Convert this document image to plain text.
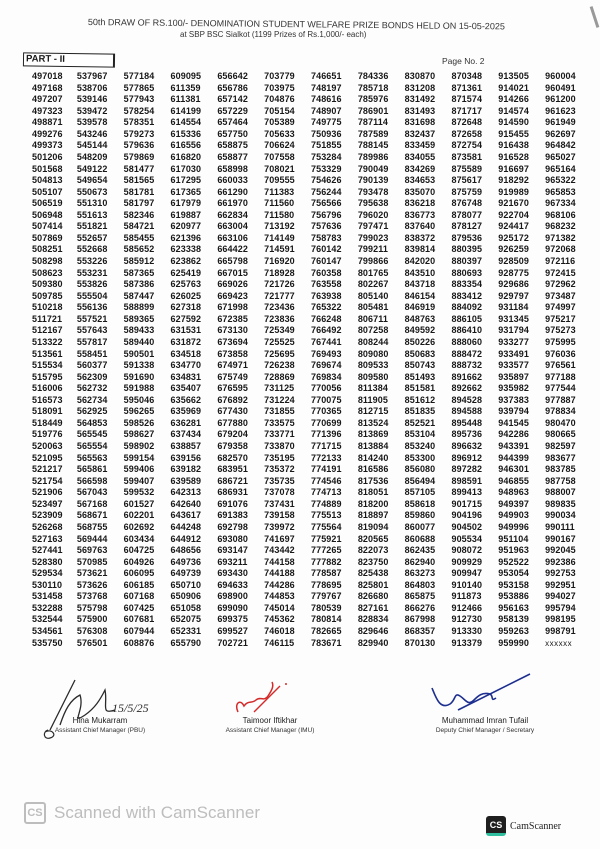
50th DRAW OF RS.100/- DENOMINATION STUDENT WELFARE PRIZE BONDS HELD ON 15-05-2025
at SBP BSC Sialkot (1199 Prizes of Rs.1,000/- each)
PART - II	Page No. 2
497018	537967	577184	609095	656642	703779	746651	784336	830870	870348	913505	960004
497168	538706	577865	611359	656786	703975	748197	785718	831208	871361	914021	960491
497207	539146	577943	611381	657142	704876	748616	785976	831492	871574	914266	961200
497323	539472	578254	614199	657229	705154	748907	786901	831493	871717	914574	961623
498871	539578	578351	614554	657464	705389	749775	787114	831698	872648	914590	961949
499276	543246	579273	615336	657750	705633	750936	787589	832437	872658	915455	962697
499373	545144	579636	616556	658875	706624	751855	788145	833459	872754	916438	964842
501206	548209	579869	616820	658877	707558	753284	789986	834055	873581	916528	965027
501568	549122	581477	617030	658998	708021	753329	790049	834269	875589	916697	965164
504813	549654	581565	617295	660033	709555	754626	790139	834653	875617	918292	965322
505107	550673	581781	617365	661290	711383	756244	793478	835070	875759	919989	965853
506519	551310	581797	617979	661970	711560	756566	795638	836218	876748	921670	967334
506948	551613	582346	619887	662834	711580	756796	796020	836773	878077	922704	968106
507414	551821	584721	620977	663004	713192	757636	797471	837640	878127	924417	968232
507869	552657	585455	621396	663106	714149	758783	799023	838372	879536	925172	971382
508251	552668	585652	623338	664422	714591	760142	799211	839814	880395	926259	972068
508298	553226	585912	623862	665798	716920	760147	799866	842020	880397	928509	972116
508623	553231	587365	625419	667015	718928	760358	801765	843510	880693	928775	972415
509380	553826	587386	625763	669026	721726	763558	802267	843718	883354	929686	972962
509785	555504	587447	626025	669423	721777	763938	805140	846154	883412	929797	973487
510218	556136	588899	627318	671998	723436	765322	805481	846919	884092	931184	974997
511721	557521	589365	627592	672385	723836	766248	806711	848763	886105	931345	975217
512167	557643	589433	631531	673130	725349	766492	807258	849592	886410	931794	975273
513322	557817	589440	631872	673694	725525	767441	808244	850226	888060	933277	975995
513561	558451	590501	634518	673858	725695	769493	809080	850683	888472	933491	976036
515534	560377	591338	634770	674971	726238	769674	809533	850743	888732	933577	976561
515795	562309	591690	634831	675749	728869	769834	809580	851493	891662	935897	977188
516006	562732	591988	635407	676595	731125	770056	811384	851581	892662	935982	977544
516573	562734	595046	635662	676892	731224	770075	811905	851612	894528	937383	977887
518091	562925	596265	635969	677430	731855	770365	812715	851835	894588	939794	978834
518449	564853	598526	636281	677880	733575	770699	813524	852521	895448	941545	980470
519776	565545	598627	637434	679204	733771	771396	813869	853104	895736	942286	980665
520063	565554	598902	638857	679358	733870	771715	813884	853240	896632	943391	982597
521095	565563	599154	639156	682570	735195	772133	814240	853300	896912	944399	983677
521217	565861	599406	639182	683951	735372	774191	816586	856080	897282	946301	983785
521754	566598	599407	639589	686721	735735	774546	817536	856494	898591	946855	987758
521906	567043	599532	642313	686931	737078	774713	818051	857105	899413	948963	988007
523497	567168	601527	642640	691076	737431	774889	818200	858618	901715	949397	989835
523909	568671	602201	643617	691383	739158	775513	818897	859860	904196	949903	990034
526268	568755	602692	644248	692798	739972	775564	819094	860077	904502	949996	990111
527163	569444	603434	644912	693080	741697	775921	820565	860688	905534	951104	990167
527441	569763	604725	648656	693147	743442	777265	822073	862435	908072	951963	992045
528380	570985	604926	649736	693211	744158	777882	823750	862940	909929	952522	992386
529534	573621	606095	649739	693430	744188	778587	825438	863273	909947	953054	992753
530110	573626	606185	650710	694633	744286	778695	825801	864803	910140	953158	992951
531458	573768	607168	650906	698900	744853	779767	826680	865875	911873	953886	994027
532288	575798	607425	651058	699090	745014	780539	827161	866276	912466	956163	995794
532544	575900	607681	652075	699375	745362	780814	828834	867998	912730	958139	998195
534561	576308	607944	652331	699527	746018	782665	829646	868357	913330	959263	998791
535750	576501	608876	655790	702721	746115	783671	829940	870130	913379	959990	xxxxxx
15/5/25
Hina Mukarram
Assistant Chief Manager (PBU)
Taimoor Iftikhar
Assistant Chief Manager (IMU)
Muhammad Imran Tufail
Deputy Chief Manager / Secretary
CS Scanned with CamScanner
CS CamScanner
